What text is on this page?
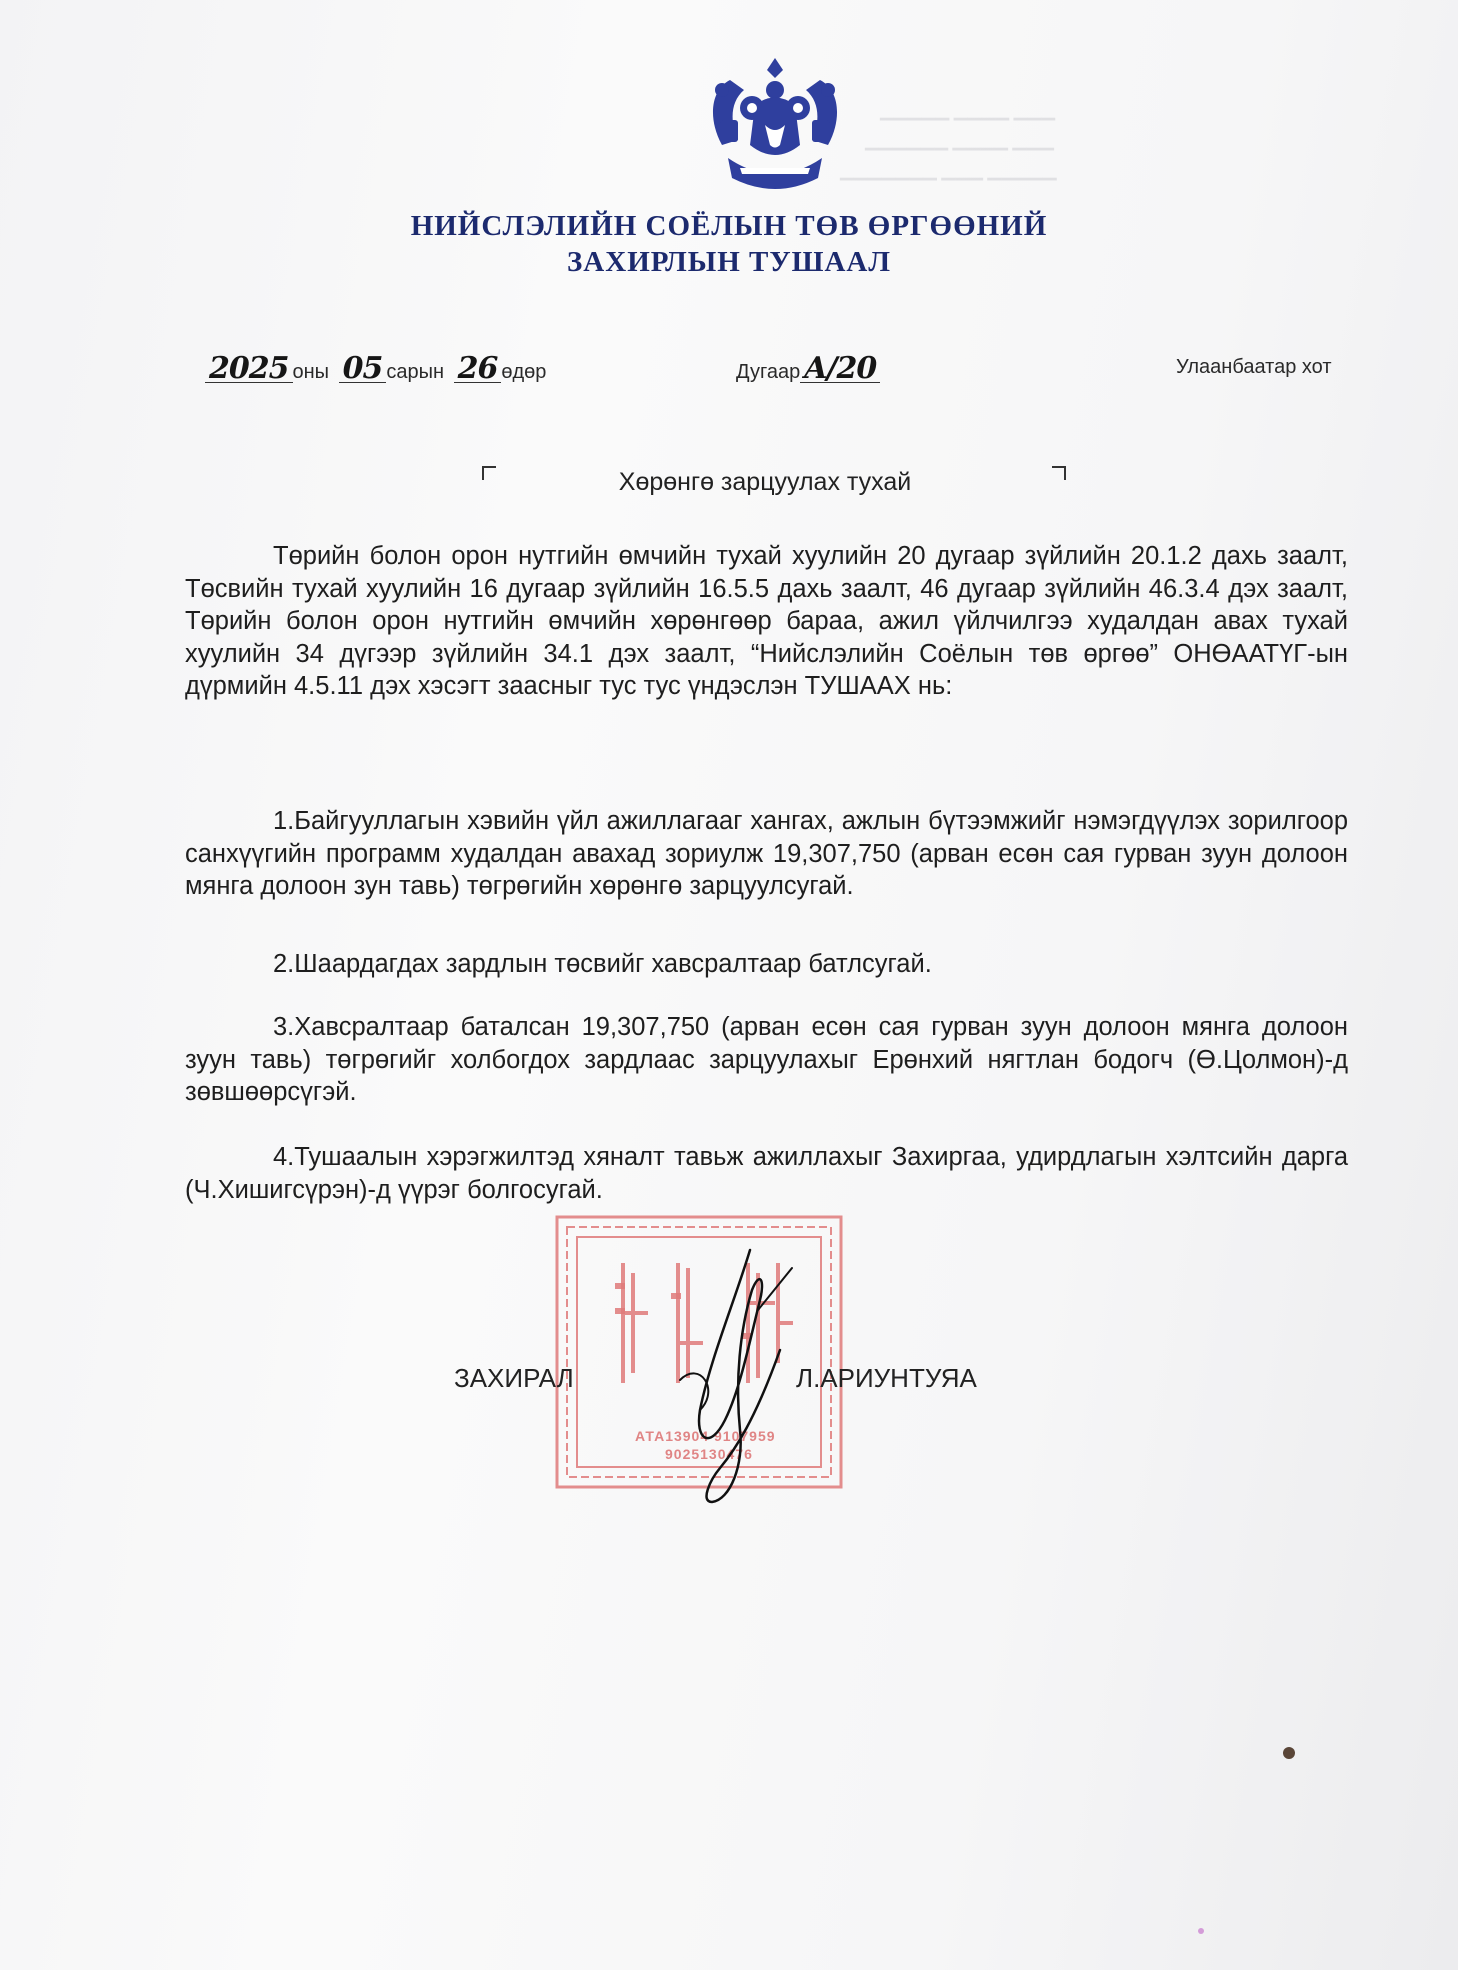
▁▁▁▁▁ ▁▁▁▁ ▁▁▁
▁▁▁▁▁▁ ▁▁▁▁ ▁▁▁
▁▁▁▁▁▁▁ ▁▁▁ ▁▁▁▁▁
НИЙСЛЭЛИЙН СОЁЛЫН ТӨВ ӨРГӨӨНИЙ
ЗАХИРЛЫН ТУШААЛ
2025 оны 05 сарын 26 өдөр	Дугаар A/20	Улаанбаатар хот
Хөрөнгө зарцуулах тухай
Төрийн болон орон нутгийн өмчийн тухай хуулийн 20 дугаар зүйлийн 20.1.2 дахь заалт, Төсвийн тухай хуулийн 16 дугаар зүйлийн 16.5.5 дахь заалт, 46 дугаар зүйлийн 46.3.4 дэх заалт, Төрийн болон орон нутгийн өмчийн хөрөнгөөр бараа, ажил үйлчилгээ худалдан авах тухай хуулийн 34 дүгээр зүйлийн 34.1 дэх заалт, “Нийслэлийн Соёлын төв өргөө” ОНӨААТҮГ-ын дүрмийн 4.5.11 дэх хэсэгт заасныг тус тус үндэслэн ТУШААХ нь:
1.Байгууллагын хэвийн үйл ажиллагааг хангах, ажлын бүтээмжийг нэмэгдүүлэх зорилгоор санхүүгийн программ худалдан авахад зориулж 19,307,750 (арван есөн сая гурван зуун долоон мянга долоон зун тавь) төгрөгийн хөрөнгө зарцуулсугай.
2.Шаардагдах зардлын төсвийг хавсралтаар батлсугай.
3.Хавсралтаар баталсан 19,307,750 (арван есөн сая гурван зуун долоон мянга долоон зуун тавь) төгрөгийг холбогдох зардлаас зарцуулахыг Ерөнхий нягтлан бодогч (Ө.Цолмон)-д зөвшөөрсүгэй.
4.Тушаалын хэрэгжилтэд хяналт тавьж ажиллахыг Захиргаа, удирдлагын хэлтсийн дарга (Ч.Хишигсүрэн)-д үүрэг болгосугай.
АТА13904 9107959
9025130476
ЗАХИРАЛ	Л.АРИУНТУЯА
